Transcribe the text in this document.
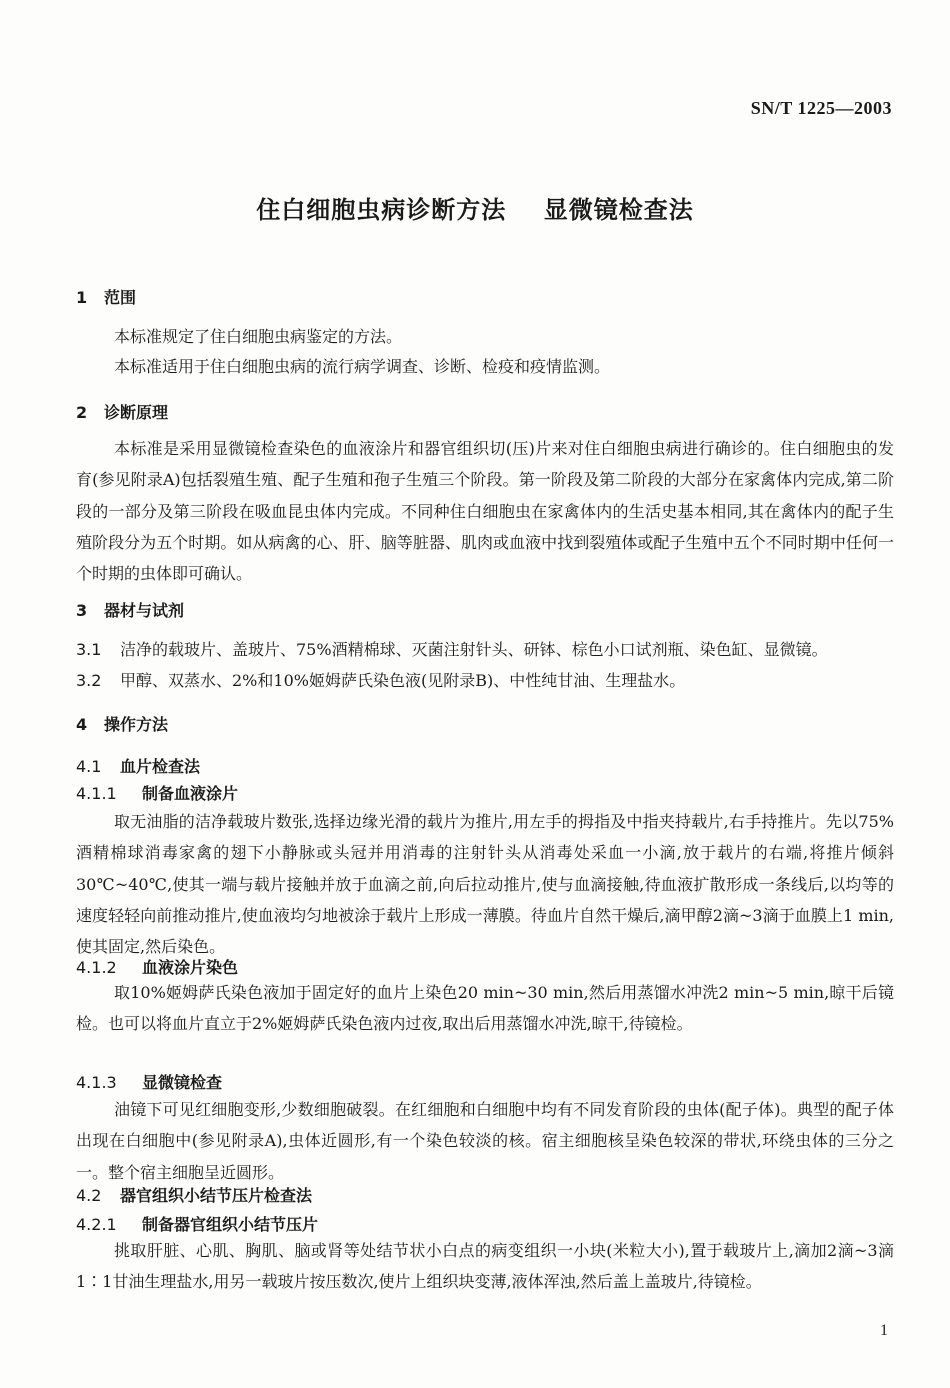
SN/T 1225—2003
住白细胞虫病诊断方法    显微镜检查法
1 范围
本标准规定了住白细胞虫病鉴定的方法。
本标准适用于住白细胞虫病的流行病学调查、诊断、检疫和疫情监测。
2 诊断原理
本标准是采用显微镜检查染色的血液涂片和器官组织切(压)片来对住白细胞虫病进行确诊的。住白细胞虫的发育(参见附录A)包括裂殖生殖、配子生殖和孢子生殖三个阶段。第一阶段及第二阶段的大部分在家禽体内完成,第二阶段的一部分及第三阶段在吸血昆虫体内完成。不同种住白细胞虫在家禽体内的生活史基本相同,其在禽体内的配子生殖阶段分为五个时期。如从病禽的心、肝、脑等脏器、肌肉或血液中找到裂殖体或配子生殖中五个不同时期中任何一个时期的虫体即可确认。
3 器材与试剂
3.1 洁净的载玻片、盖玻片、75%酒精棉球、灭菌注射针头、研钵、棕色小口试剂瓶、染色缸、显微镜。
3.2 甲醇、双蒸水、2%和10%姬姆萨氏染色液(见附录B)、中性纯甘油、生理盐水。
4 操作方法
4.1 血片检查法
4.1.1 制备血液涂片
取无油脂的洁净载玻片数张,选择边缘光滑的载片为推片,用左手的拇指及中指夹持载片,右手持推片。先以75%酒精棉球消毒家禽的翅下小静脉或头冠并用消毒的注射针头从消毒处采血一小滴,放于载片的右端,将推片倾斜30℃~40℃,使其一端与载片接触并放于血滴之前,向后拉动推片,使与血滴接触,待血液扩散形成一条线后,以均等的速度轻轻向前推动推片,使血液均匀地被涂于载片上形成一薄膜。待血片自然干燥后,滴甲醇2滴~3滴于血膜上1 min,使其固定,然后染色。
4.1.2 血液涂片染色
取10%姬姆萨氏染色液加于固定好的血片上染色20 min~30 min,然后用蒸馏水冲洗2 min~5 min,晾干后镜检。也可以将血片直立于2%姬姆萨氏染色液内过夜,取出后用蒸馏水冲洗,晾干,待镜检。
4.1.3 显微镜检查
油镜下可见红细胞变形,少数细胞破裂。在红细胞和白细胞中均有不同发育阶段的虫体(配子体)。典型的配子体出现在白细胞中(参见附录A),虫体近圆形,有一个染色较淡的核。宿主细胞核呈染色较深的带状,环绕虫体的三分之一。整个宿主细胞呈近圆形。
4.2 器官组织小结节压片检查法
4.2.1 制备器官组织小结节压片
挑取肝脏、心肌、胸肌、脑或肾等处结节状小白点的病变组织一小块(米粒大小),置于载玻片上,滴加2滴~3滴1∶1甘油生理盐水,用另一载玻片按压数次,使片上组织块变薄,液体浑浊,然后盖上盖玻片,待镜检。
1
